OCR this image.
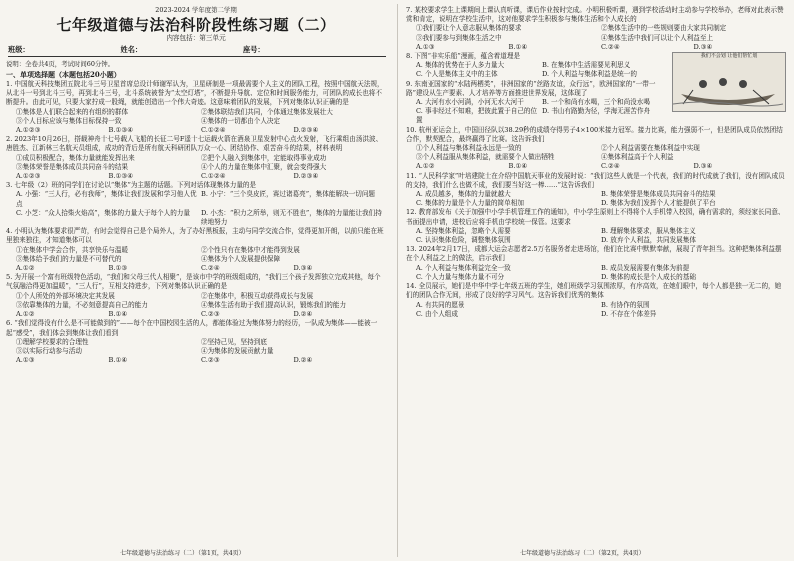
2023-2024 学年度第二学期
七年级道德与法治科阶段性练习题（二）
内容包括：第三单元
班级：	姓名：	座号：
说明：全卷共4页，考试时间60分钟。
一、单项选择题（本题包括20小题）

1. 中国航天科技集团五院北斗三号卫星首席总设计师谢军认为，卫星研制是一项最需要个人主义的团队工程，按照中国航天法规，从北斗一号到北斗三号，再到北斗三号，北斗系统被誉为“太空灯塔”，不断提升导航、定位和时间服务能力，可团队的成长也将不断提升。由此可见，只要大家拧成一股绳，就能创造出一个伟大奇迹。这意味着团队的发展，下列对集体认识正确的是

①集体是人们联合起来的有组织的群体	②集体联结我们共同，个体通过集体发展壮大
③个人目标应该与集体目标保持一致	④集体的一切都由个人决定
A.①②③	B.①③④	C.①②④	D.②③④

2. 2023年10月26日，搭载神舟十七号载人飞船的长征二号F遥十七运载火箭在酒泉卫星发射中心点火发射，飞行乘组由汤洪波、唐胜杰、江新林三名航天员组成，成功的背后是所有航天科研团队万众一心、团结协作、艰苦奋斗的结果，材料表明

①成员积极配合，集体力量就能发挥出来	②把个人融入到集体中，定能取得事业成功
③集体荣誉是集体成员共同奋斗的结果	④个人的力量在集体中汇聚，就会变得强大
A.①②③	B.①③④	C.①②④	D.②③④

3. 七年级（2）班的同学们在讨论以“集体”为主题的话题。下列对话体现集体力量的是

A. 小强：“三人行，必有我师”，集体让我们发展和学习他人优点
B. 小宁：“三个臭皮匠，赛过诸葛亮”，集体能解决一切问题
C. 小芝：“众人拾柴火焰高”，集体的力量大于每个人的力量	D. 小杰：“积力之所举，则无不胜也”，集体的力量能让我们持续地努力

4. 小明认为集体要求很严苛，有时会觉得自己是个局外人，为了办好黑板报，主动与同学交流合作，觉得更加开朗，以前只能在班里独来独往，才知道集体可以

①在集体中学会合作，共享快乐与温暖	②个性只有在集体中才能得到发展
③集体给予我们的力量是不可替代的	④集体为个人发展提供保障
A.①②	B.①③	C.②④	D.③④

5. 为开展一个富有班级特色活动，“我们和父母三代人相聚”，是该市中学的班级组成的，“我们三个孩子发挥独立完成其他，每个气氛融洽得更加温暖”，“三人行”，互相支持进步，下列对集体认识正确的是

①个人所处的外部环境决定其发展	②在集体中，积极互动获得成长与发展
③依靠集体的力量，不必刻意提高自己的能力	④集体生活有助于我们提高认识，锻炼我们的能力
A.①②	B.①④	C.②③	D.②④

6. “我们觉得没有什么是不可能做到的”——每个在中国校园生活的人，都能体验过为集体努力的经历，一队成为集体——能被一起“感受”，我们体会到集体让我们看到

①理解学校要求的合理性	②坚持己见，坚持到底
③以实际行动参与活动	④为集体的发展贡献力量
A.①③	B.①④	C.②③	D.②④

7. 某校要求学生上课期间上课认真听课，课后作业按时完成。小明积极听课，遇到学校活动时主动参与学校举办，老师对此表示赞赏和肯定，说明在学校生活中，这对他要求学生积极参与集体生活和个人成长的

①我们要让个人意志服从集体的要求	②集体生活中的一些规则要由大家共同制定
③我们要参与到集体生活之中	④集体生活中我们可以让个人利益至上
A.①③	B.①④	C.②④	D.③④
我们不会划 让他们帮忙划

8. 下图“非实乐船”漫画，蕴含着道理是

A. 集体的优势在于人多力量大	B. 在集体中生活需要见利思义
C. 个人是集体主义中的主体	D. 个人利益与集体利益是统一的

9. 东南亚国家的“水陆两栖类”，非洲国家的“丝路友谊，众行远”，欧洲国家的“一带一路”建设从生产要素、人才培养等方面推进世界发展，这体现了

A. 大河有水小河满，小河无水大河干	B. 一个和尚有水喝，三个和尚没水喝
C. 事非经过不知难，把彼此置于自己的位置
D. 书山有路勤为径，学海无涯苦作舟

10. 杭州亚运会上，中国田径队以38.29秒的成绩夺得男子4×100米接力冠军。接力比赛，能力强弱不一，但是团队成员依然团结合作，默契配合，最终赢得了比赛。这告诉我们

①个人利益与集体利益永远是一致的	②个人利益需要在集体利益中实现
③个人利益服从集体利益，就需要个人做出牺牲	④集体利益高于个人利益
A.①②	B.①④	C.②④	D.③④

11. “人民科学家”叶培建院士在介绍中国航天事业的发展时说：“我们这些人就是一个代表，我们的时代成就了我们，没有团队成员的支持，我们什么也做不成，我们要当好这一棒……”这告诉我们

A. 成员越多，集体的力量就越大	B. 集体荣誉是集体成员共同奋斗的结果
C. 集体的力量是个人力量的简单相加	D. 集体为我们发挥个人才能提供了平台

12. 教育部发布《关于加强中小学手机管理工作的通知》，中小学生原则上不得将个人手机带入校园，确有需求的，须经家长同意、书面提出申请，进校后应将手机由学校统一保管。这要求

A. 坚持集体利益，忽略个人需要	B. 理解集体要求，服从集体主义
C. 认识集体危险，调整集体氛围	D. 放弃个人利益，共同发展集体

13. 2024年2月17日，成都大运会志愿者2.5万名服务者走进场馆，他们在比赛中默默奉献，展现了青年担当。这种把集体利益摆在个人利益之上的做法，启示我们

A. 个人利益与集体利益完全一致	B. 成员发展需要有集体为前提
C. 个人力量与集体力量不可分	D. 集体的成长是个人成长的基础

14. 全员展示，她们是中华中学七年级五班的学生，她们班级学习氛围浓厚，有序高效，在她们眼中，每个人都是独一无二的，她们的团队合作无间，形成了良好的学习风气。这告诉我们优秀的集体

A. 有共同的愿景	B. 有协作的氛围
C. 由个人组成	D. 不存在个体差异
七年级道德与法治练习（二）（第1页，共4页）	七年级道德与法治练习（二）（第2页，共4页）
